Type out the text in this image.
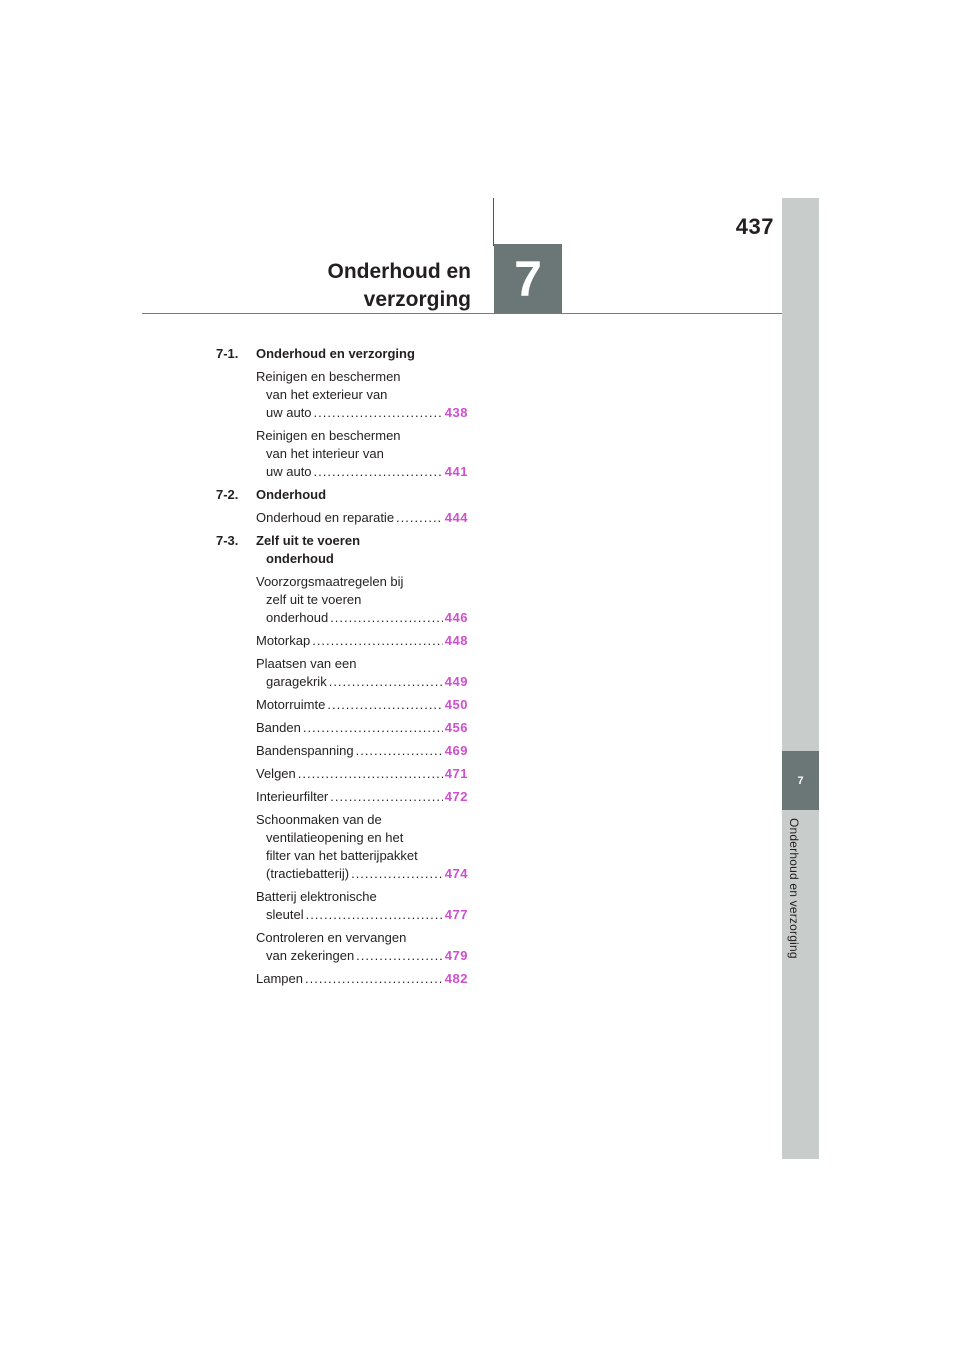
437
Onderhoud en
verzorging 7
7
Onderhoud en verzorging
7-1.	Onderhoud en verzorging
Reinigen en beschermen
van het exterieur van
uw auto .....	438
Reinigen en beschermen
van het interieur van
uw auto .....	441
7-2.	Onderhoud
Onderhoud en reparatie .....	444
7-3.	Zelf uit te voeren
onderhoud
Voorzorgsmaatregelen bij
zelf uit te voeren
onderhoud .....	446
Motorkap .....	448
Plaatsen van een
garagekrik .....	449
Motorruimte .....	450
Banden .....	456
Bandenspanning .....	469
Velgen .....	471
Interieurfilter .....	472
Schoonmaken van de
ventilatieopening en het
filter van het batterijpakket
(tractiebatterij) .....	474
Batterij elektronische
sleutel .....	477
Controleren en vervangen
van zekeringen .....	479
Lampen .....	482
